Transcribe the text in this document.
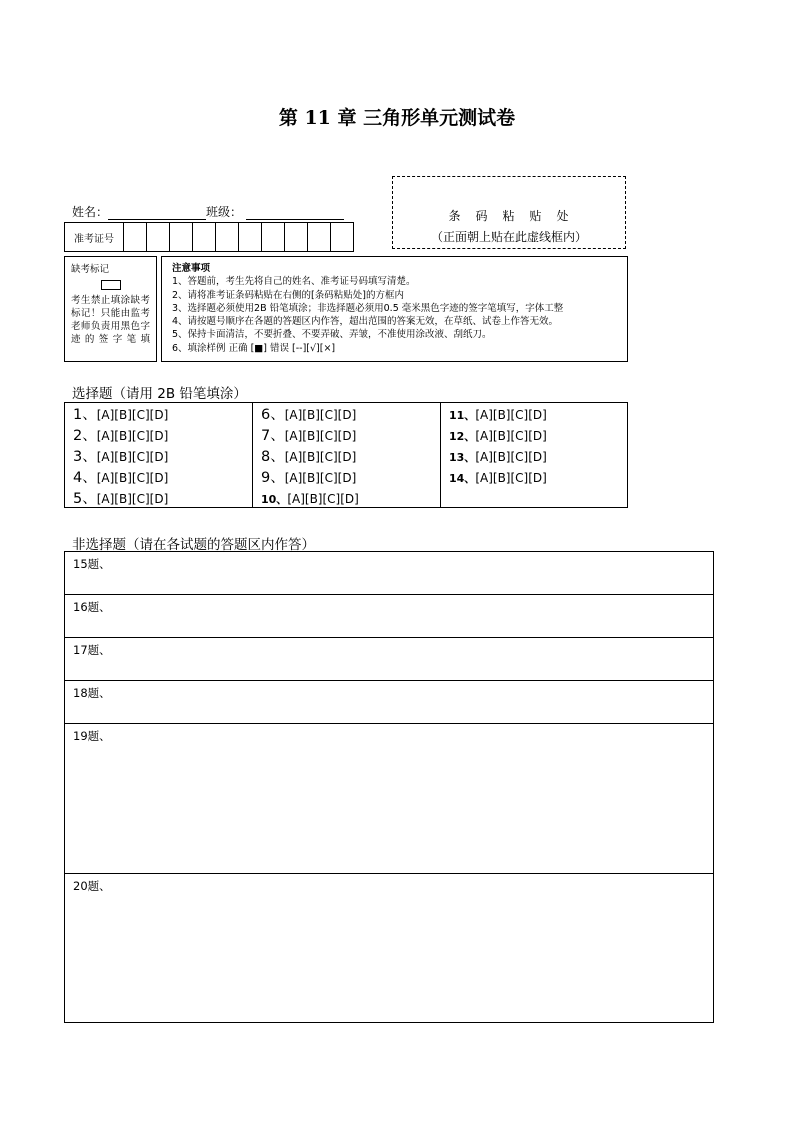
第 11 章 三角形单元测试卷
姓名：	班级：	条码粘贴处
（正面朝上贴在此虚线框内）
准考证号										
缺考标记
考生禁止填涂缺考标记！只能由监考老师负责用黑色字迹的签字笔填
注意事项
1、答题前，考生先将自己的姓名、准考证号码填写清楚。
2、请将准考证条码粘贴在右侧的[条码粘贴处]的方框内
3、选择题必须使用2B 铅笔填涂；非选择题必须用0.5 毫米黑色字迹的签字笔填写，字体工整
4、请按题号顺序在各题的答题区内作答，超出范围的答案无效，在草纸、试卷上作答无效。
5、保持卡面清洁，不要折叠、不要弄破、弄皱，不准使用涂改液、刮纸刀。
6、填涂样例 正确 [■] 错误 [--][√][×]
选择题（请用 2B 铅笔填涂）
1、[A][B][C][D]
2、[A][B][C][D]
3、[A][B][C][D]
4、[A][B][C][D]
5、[A][B][C][D]
6、[A][B][C][D]
7、[A][B][C][D]
8、[A][B][C][D]
9、[A][B][C][D]
10、[A][B][C][D]
11、[A][B][C][D]
12、[A][B][C][D]
13、[A][B][C][D]
14、[A][B][C][D]
非选择题（请在各试题的答题区内作答）
15题、
16题、
17题、
18题、
19题、
20题、
